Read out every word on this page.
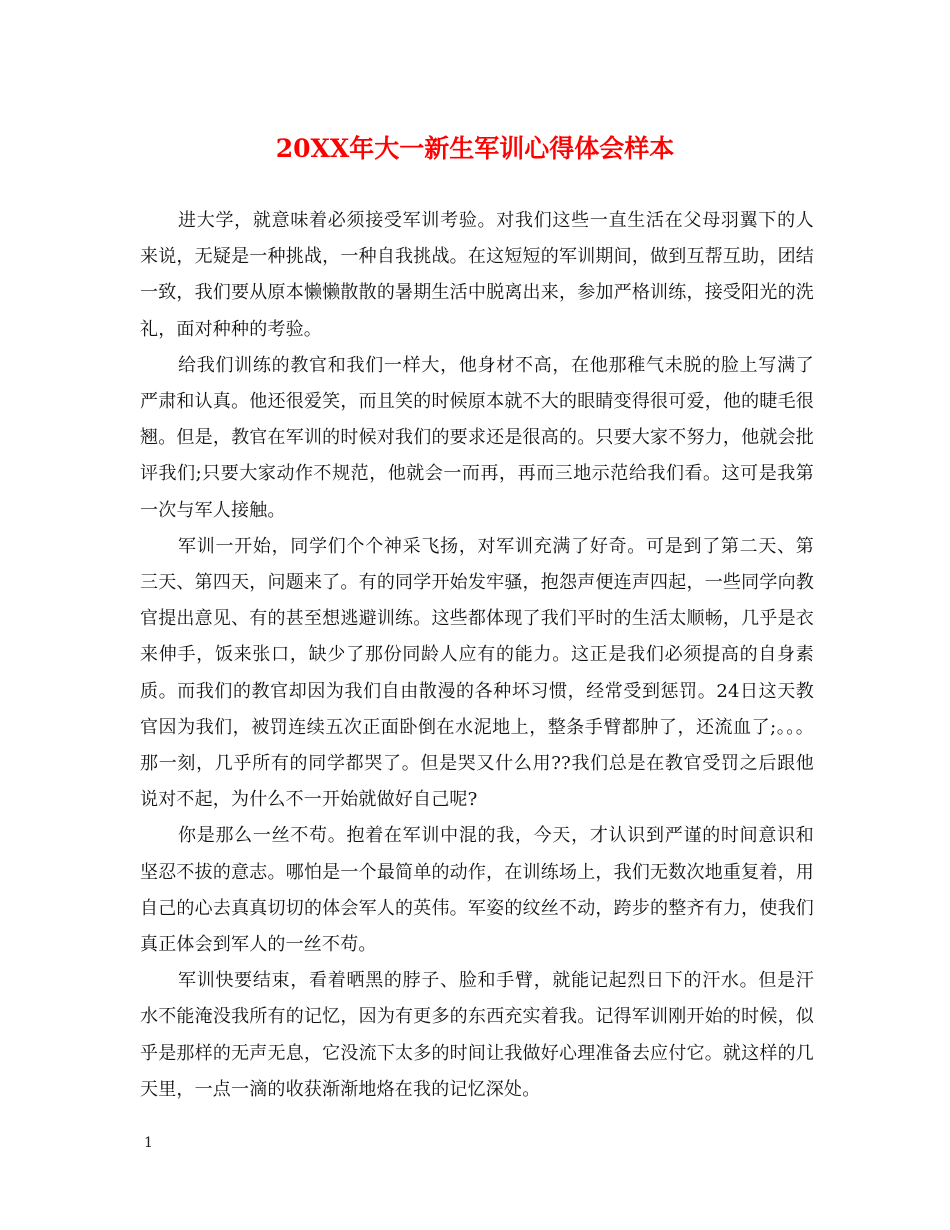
20XX年大一新生军训心得体会样本

进大学，就意味着必须接受军训考验。对我们这些一直生活在父母羽翼下的人来说，无疑是一种挑战，一种自我挑战。在这短短的军训期间，做到互帮互助，团结一致，我们要从原本懒懒散散的暑期生活中脱离出来，参加严格训练，接受阳光的洗礼，面对种种的考验。

给我们训练的教官和我们一样大，他身材不高，在他那稚气未脱的脸上写满了严肃和认真。他还很爱笑，而且笑的时候原本就不大的眼睛变得很可爱，他的睫毛很翘。但是，教官在军训的时候对我们的要求还是很高的。只要大家不努力，他就会批评我们;只要大家动作不规范，他就会一而再，再而三地示范给我们看。这可是我第一次与军人接触。

军训一开始，同学们个个神采飞扬，对军训充满了好奇。可是到了第二天、第三天、第四天，问题来了。有的同学开始发牢骚，抱怨声便连声四起，一些同学向教官提出意见、有的甚至想逃避训练。这些都体现了我们平时的生活太顺畅，几乎是衣来伸手，饭来张口，缺少了那份同龄人应有的能力。这正是我们必须提高的自身素质。而我们的教官却因为我们自由散漫的各种坏习惯，经常受到惩罚。24日这天教官因为我们，被罚连续五次正面卧倒在水泥地上，整条手臂都肿了，还流血了;。。。那一刻，几乎所有的同学都哭了。但是哭又什么用??我们总是在教官受罚之后跟他说对不起，为什么不一开始就做好自己呢?

你是那么一丝不苟。抱着在军训中混的我，今天，才认识到严谨的时间意识和坚忍不拔的意志。哪怕是一个最简单的动作，在训练场上，我们无数次地重复着，用自己的心去真真切切的体会军人的英伟。军姿的纹丝不动，跨步的整齐有力，使我们真正体会到军人的一丝不苟。

军训快要结束，看着晒黑的脖子、脸和手臂，就能记起烈日下的汗水。但是汗水不能淹没我所有的记忆，因为有更多的东西充实着我。记得军训刚开始的时候，似乎是那样的无声无息，它没流下太多的时间让我做好心理准备去应付它。就这样的几天里，一点一滴的收获渐渐地烙在我的记忆深处。

1
